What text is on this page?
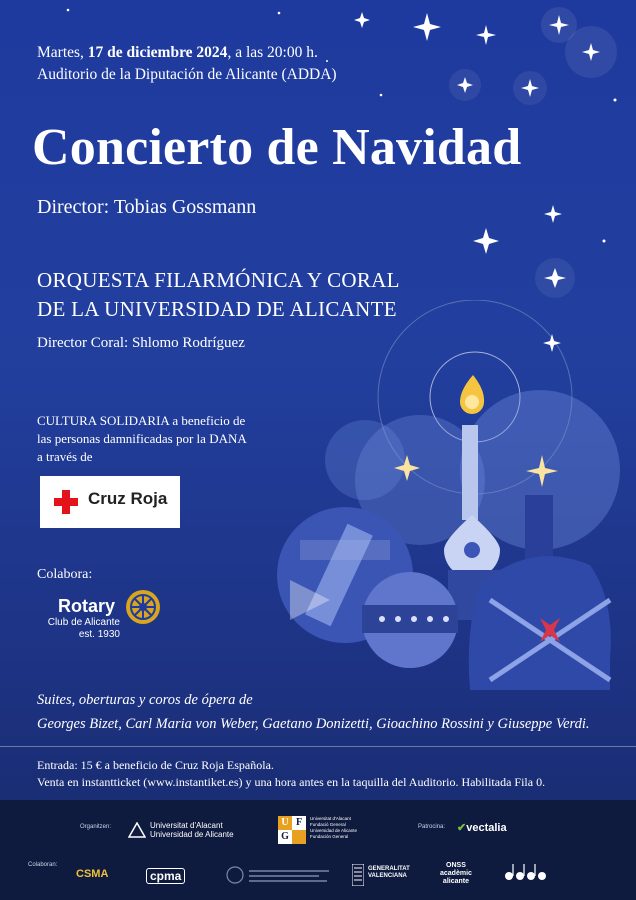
Martes, 17 de diciembre 2024, a las 20:00 h.
Auditorio de la Diputación de Alicante (ADDA)
Concierto de Navidad
Director: Tobias Gossmann
ORQUESTA FILARMÓNICA Y CORAL
DE LA UNIVERSIDAD DE ALICANTE
Director Coral: Shlomo Rodríguez
CULTURA SOLIDARIA a beneficio de
las personas damnificadas por la DANA
a través de
Cruz Roja
Colabora:
Rotary
Club de Alicante
est. 1930
Suites, oberturas y coros de ópera de
Georges Bizet, Carl Maria von Weber, Gaetano Donizetti, Gioachino Rossini y Giuseppe Verdi.
Entrada: 15 € a beneficio de Cruz Roja Española.
Venta en instantticket (www.instantiket.es) y una hora antes en la taquilla del Auditorio. Habilitada Fila 0.
Organitzen:	Universitat d'Alacant
Universidad de Alicante
U F
G
Universitat d'Alacant
Fundació General
Universidad de Alicante
Fundación General
Patrocina: ✔vectalia
Colaboran:
CSMA	cpma	GENERALITAT
VALENCIANA
ONSS
acadèmic
alicante
